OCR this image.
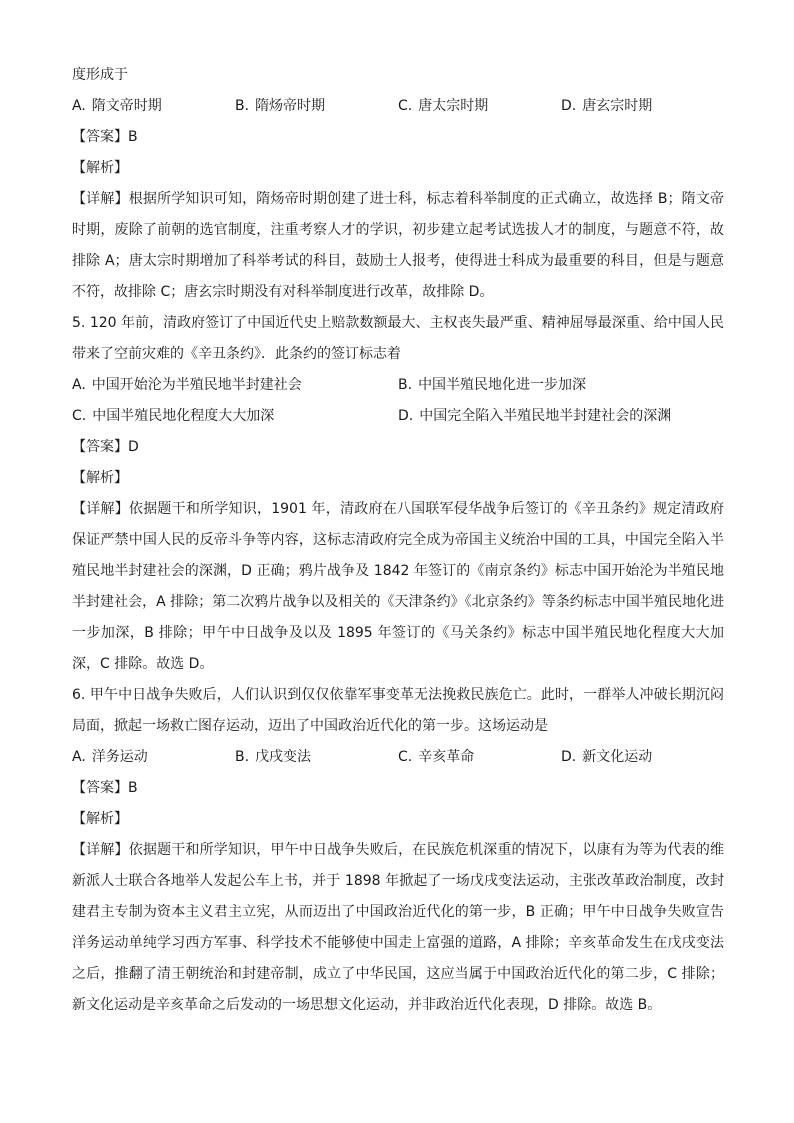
度形成于
A. 隋文帝时期	B. 隋炀帝时期	C. 唐太宗时期	D. 唐玄宗时期
【答案】B
【解析】
【详解】根据所学知识可知，隋炀帝时期创建了进士科，标志着科举制度的正式确立，故选择 B；隋文帝时期，废除了前朝的选官制度，注重考察人才的学识，初步建立起考试选拔人才的制度，与题意不符，故排除 A；唐太宗时期增加了科举考试的科目，鼓励士人报考，使得进士科成为最重要的科目，但是与题意不符，故排除 C；唐玄宗时期没有对科举制度进行改革，故排除 D。
5. 120 年前，清政府签订了中国近代史上赔款数额最大、主权丧失最严重、精神屈辱最深重、给中国人民带来了空前灾难的《辛丑条约》．此条约的签订标志着
A. 中国开始沦为半殖民地半封建社会	B. 中国半殖民地化进一步加深
C. 中国半殖民地化程度大大加深	D. 中国完全陷入半殖民地半封建社会的深渊
【答案】D
【解析】
【详解】依据题干和所学知识，1901 年，清政府在八国联军侵华战争后签订的《辛丑条约》规定清政府保证严禁中国人民的反帝斗争等内容，这标志清政府完全成为帝国主义统治中国的工具，中国完全陷入半殖民地半封建社会的深渊，D 正确；鸦片战争及 1842 年签订的《南京条约》标志中国开始沦为半殖民地半封建社会，A 排除；第二次鸦片战争以及相关的《天津条约》《北京条约》等条约标志中国半殖民地化进一步加深，B 排除；甲午中日战争及以及 1895 年签订的《马关条约》标志中国半殖民地化程度大大加深，C 排除。故选 D。
6. 甲午中日战争失败后，人们认识到仅仅依靠军事变革无法挽救民族危亡。此时，一群举人冲破长期沉闷局面，掀起一场救亡图存运动，迈出了中国政治近代化的第一步。这场运动是
A. 洋务运动	B. 戊戌变法	C. 辛亥革命	D. 新文化运动
【答案】B
【解析】
【详解】依据题干和所学知识，甲午中日战争失败后，在民族危机深重的情况下，以康有为等为代表的维新派人士联合各地举人发起公车上书，并于 1898 年掀起了一场戊戌变法运动，主张改革政治制度，改封建君主专制为资本主义君主立宪，从而迈出了中国政治近代化的第一步，B 正确；甲午中日战争失败宣告洋务运动单纯学习西方军事、科学技术不能够使中国走上富强的道路，A 排除；辛亥革命发生在戊戌变法之后，推翻了清王朝统治和封建帝制，成立了中华民国，这应当属于中国政治近代化的第二步，C 排除；新文化运动是辛亥革命之后发动的一场思想文化运动，并非政治近代化表现，D 排除。故选 B。
